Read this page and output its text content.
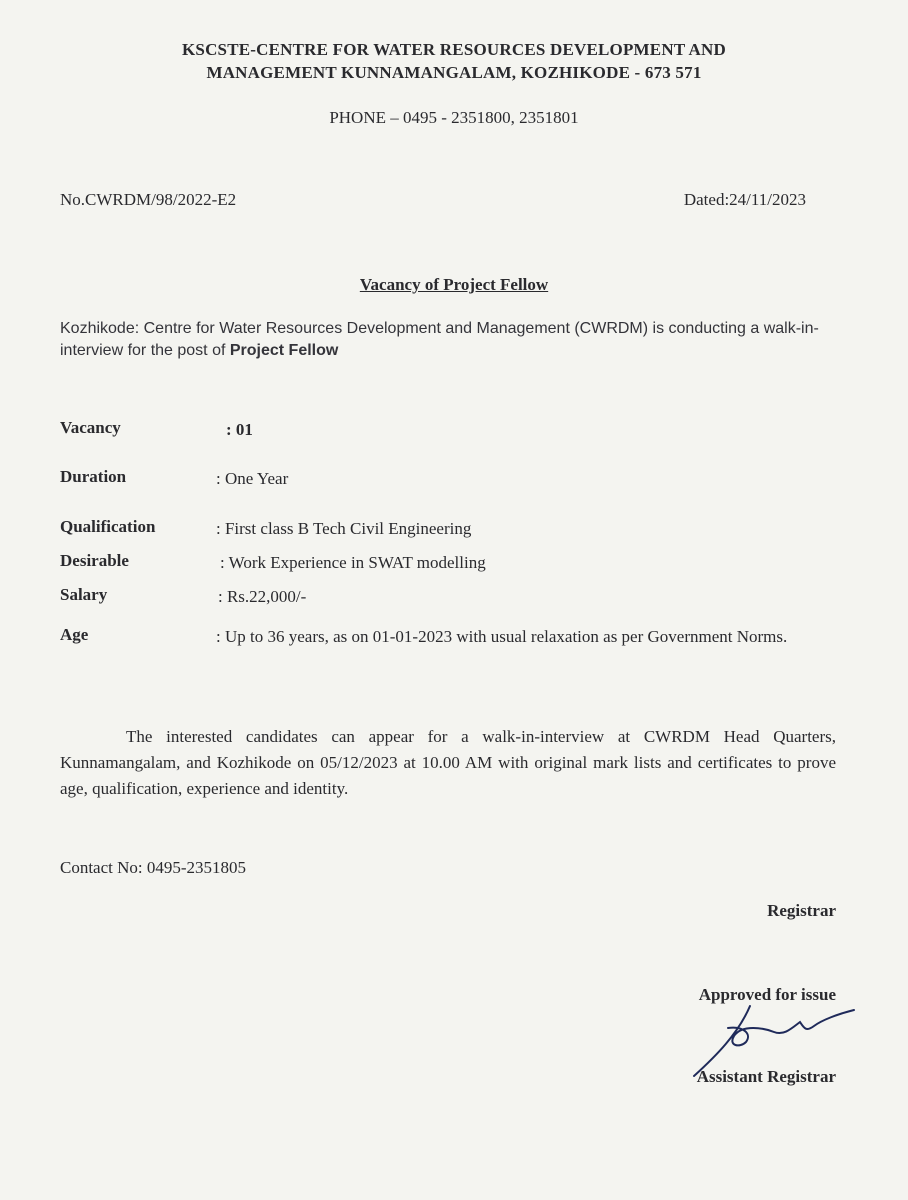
KSCSTE-CENTRE FOR WATER RESOURCES DEVELOPMENT AND
MANAGEMENT KUNNAMANGALAM, KOZHIKODE - 673 571
PHONE – 0495 - 2351800, 2351801
No.CWRDM/98/2022-E2	Dated:24/11/2023
Vacancy of Project Fellow
Kozhikode: Centre for Water Resources Development and Management (CWRDM) is conducting a walk-in-interview for the post of Project Fellow
Vacancy	: 01
Duration	: One Year
Qualification	: First class B Tech Civil Engineering
Desirable	: Work Experience in SWAT modelling
Salary	: Rs.22,000/-
Age	: Up to 36 years, as on 01-01-2023 with usual relaxation as per Government Norms.
The interested candidates can appear for a walk-in-interview at CWRDM Head Quarters, Kunnamangalam, and Kozhikode on 05/12/2023 at 10.00 AM with original mark lists and certificates to prove age, qualification, experience and identity.
Contact No: 0495-2351805
Registrar
Approved for issue
Assistant Registrar
